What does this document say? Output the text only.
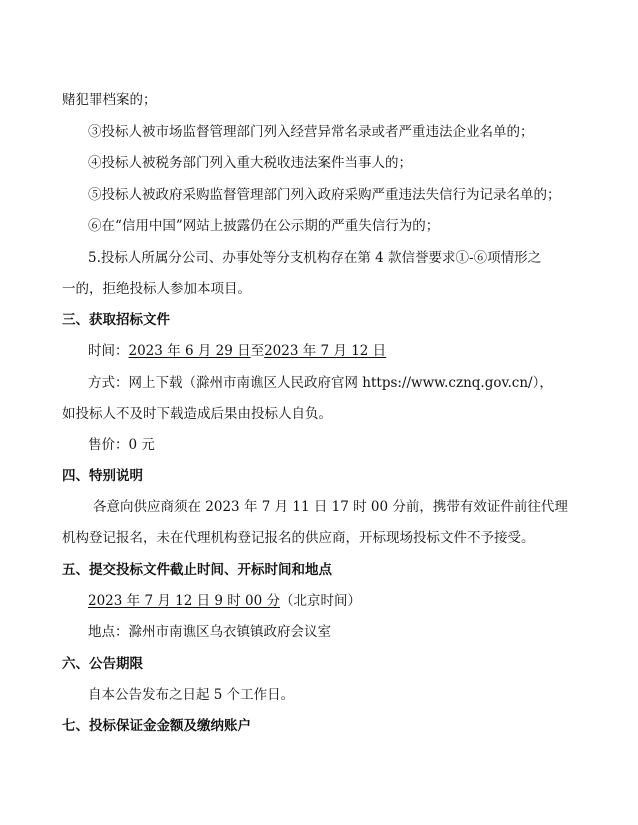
赌犯罪档案的；
③投标人被市场监督管理部门列入经营异常名录或者严重违法企业名单的；
④投标人被税务部门列入重大税收违法案件当事人的；
⑤投标人被政府采购监督管理部门列入政府采购严重违法失信行为记录名单的；
⑥在“信用中国”网站上披露仍在公示期的严重失信行为的；
5.投标人所属分公司、办事处等分支机构存在第 4 款信誉要求①-⑥项情形之
一的，拒绝投标人参加本项目。
三、获取招标文件
时间：2023 年 6 月 29 日至2023 年 7 月 12 日
方式：网上下载（滁州市南谯区人民政府官网 https://www.cznq.gov.cn/），
如投标人不及时下载造成后果由投标人自负。
售价：0 元
四、特别说明
各意向供应商须在 2023 年 7 月 11 日 17 时 00 分前，携带有效证件前往代理
机构登记报名，未在代理机构登记报名的供应商，开标现场投标文件不予接受。
五、提交投标文件截止时间、开标时间和地点
2023 年 7 月 12 日 9 时 00 分（北京时间）
地点：滁州市南谯区乌衣镇镇政府会议室
六、公告期限
自本公告发布之日起 5 个工作日。
七、投标保证金金额及缴纳账户
